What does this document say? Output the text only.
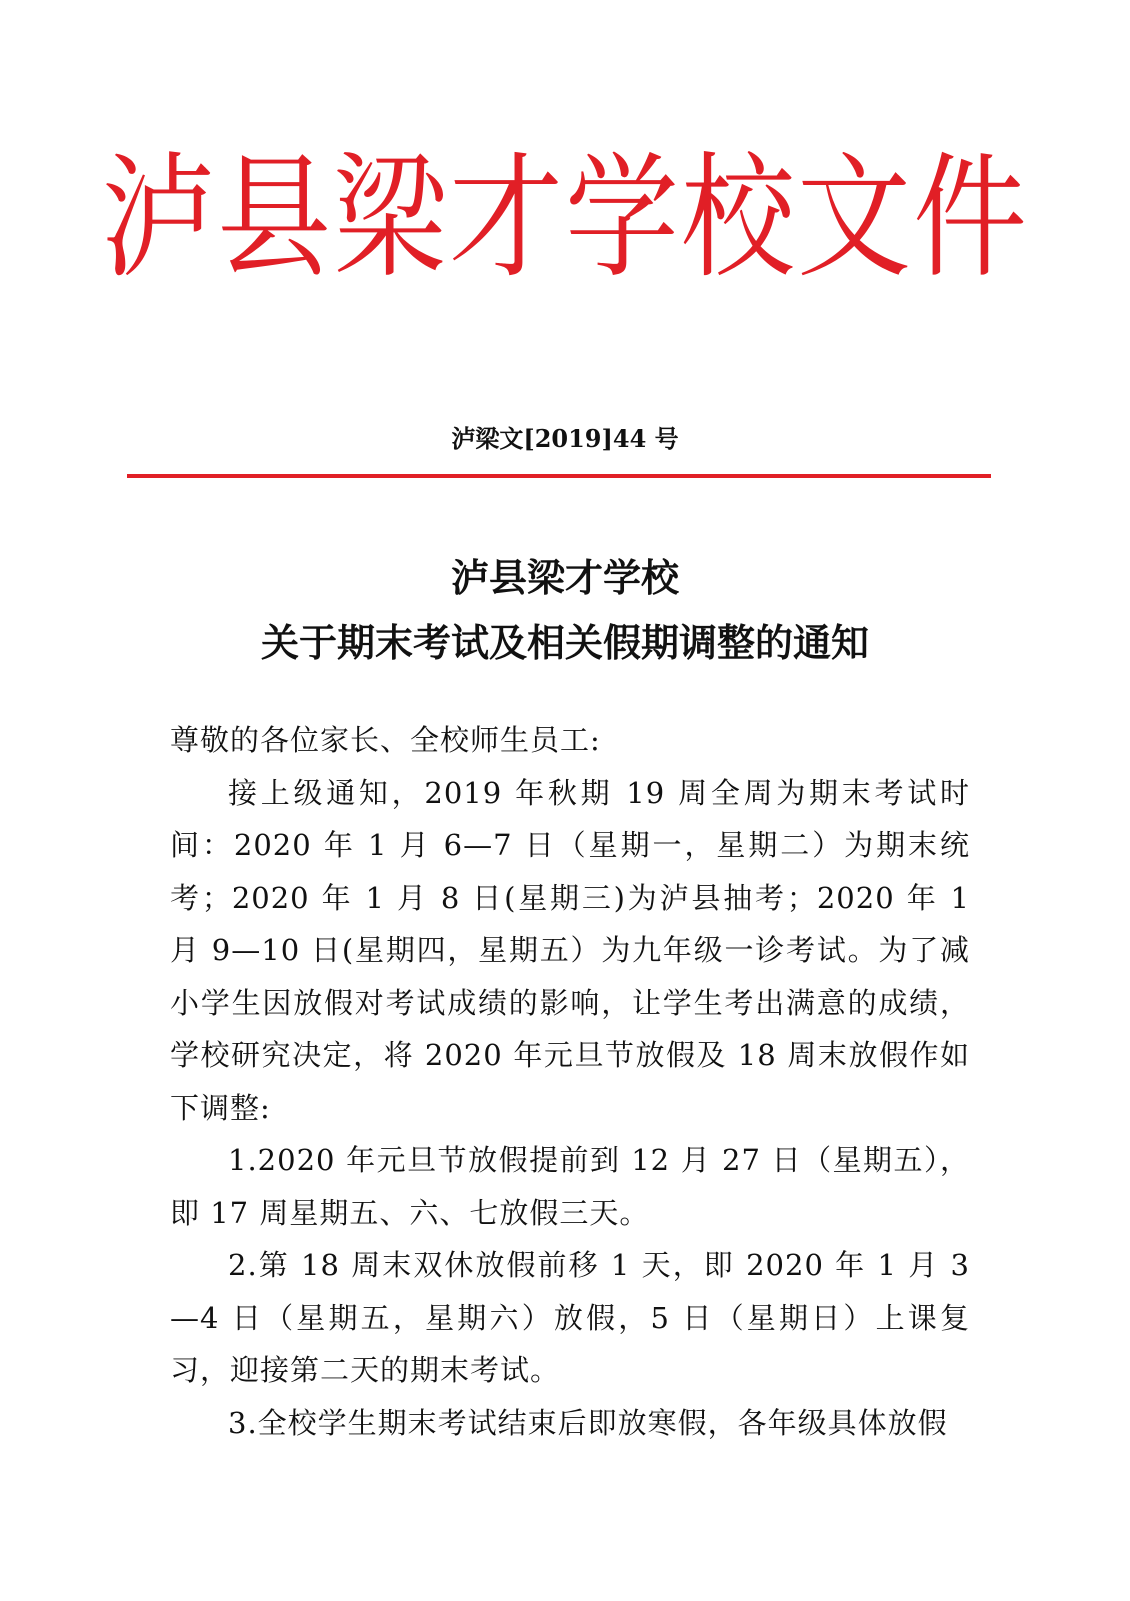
泸县梁才学校文件
泸梁文[2019]44 号
泸县梁才学校
关于期末考试及相关假期调整的通知

尊敬的各位家长、全校师生员工:

接上级通知，2019 年秋期 19 周全周为期末考试时间：2020 年 1 月 6—7 日（星期一，星期二）为期末统考；2020 年 1 月 8 日(星期三)为泸县抽考；2020 年 1 月 9—10 日(星期四，星期五）为九年级一诊考试。为了减小学生因放假对考试成绩的影响，让学生考出满意的成绩，学校研究决定，将 2020 年元旦节放假及 18 周末放假作如下调整:

1.2020 年元旦节放假提前到 12 月 27 日（星期五），即 17 周星期五、六、七放假三天。

2.第 18 周末双休放假前移 1 天，即 2020 年 1 月 3—4 日（星期五，星期六）放假，5 日（星期日）上课复习，迎接第二天的期末考试。

3.全校学生期末考试结束后即放寒假，各年级具体放假
